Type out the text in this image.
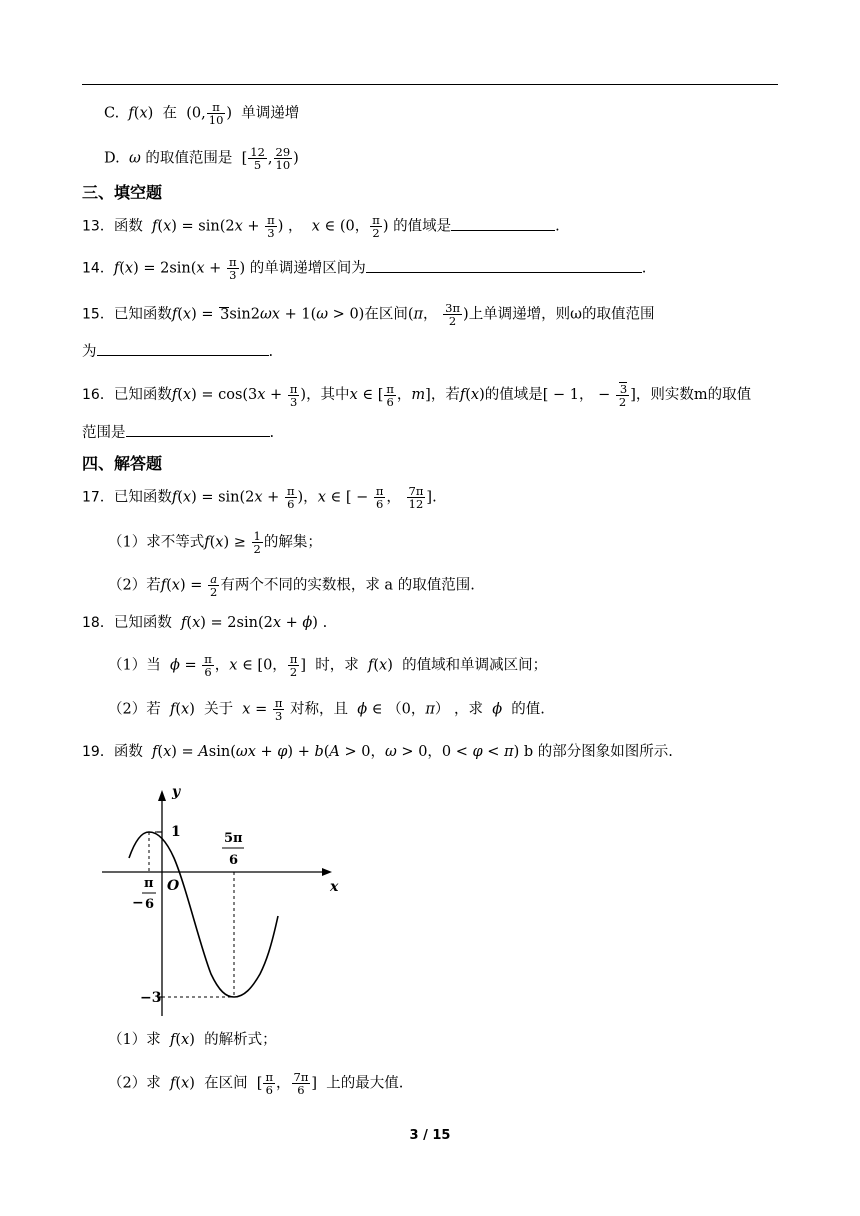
C. f(x)  在 (0, $\frac{\pi}{10}$ ) 单调递增
D. ω 的取值范围是  [ $\frac{12}{5}$ , $\frac{29}{10}$ )
三、填空题
13．函数 $f(x) = \sin(2x + \frac{\pi}{3}$ ) ，  x ∈ (0， $\frac{\pi}{2}$ ) 的值域是	.
14．$f(x) = 2\sin(x + \frac{\pi}{3}$ ) 的单调递增区间为	.
15．已知函数f(x) = 3sin2ωx + 1(ω > 0)在区间(π， $\frac{3\pi}{2}$ )上单调递增，则ω的取值范围
为	.
16．已知函数$f(x) = \cos(3x + \frac{\pi}{3}$ )，其中x ∈ [ $\frac{\pi}{6}$ ，m]，若f(x)的值域是[ − 1， − $\frac{3}{2}$ ]，则实数m的取值
范围是	.
四、解答题
17．已知函数$f(x) = \sin(2x + \frac{\pi}{6}$ )，x ∈ [ − $\frac{\pi}{6}$ ， $\frac{7\pi}{12}$ ].
（1）求不等式$f(x) \ge \frac{1}{2}$ 的解集；
（2）若$f(x) = \frac{a}{2}$ 有两个不同的实数根，求 a 的取值范围.
18．已知函数 f(x) = 2sin(2x + ϕ) .
（1）当 $\phi = \frac{\pi}{6}$ ，x ∈ [0， $\frac{\pi}{2}$ ]  时，求 f(x)  的值域和单调减区间；
（2）若 f(x)  关于 $x = \frac{\pi}{3}$ 对称，且 ϕ ∈ （0，π） ，求 ϕ 的值.
19．函数 f(x) = Asin(ωx + φ) + b(A > 0，ω > 0，0 < φ < π) b 的部分图象如图所示.
y
x
O
1
−3
−
π
6
5π
6
（1）求 f(x)  的解析式；
（2）求 f(x)  在区间  [ $\frac{\pi}{6}$ ， $\frac{7\pi}{6}$ ]  上的最大值.
3 / 15
